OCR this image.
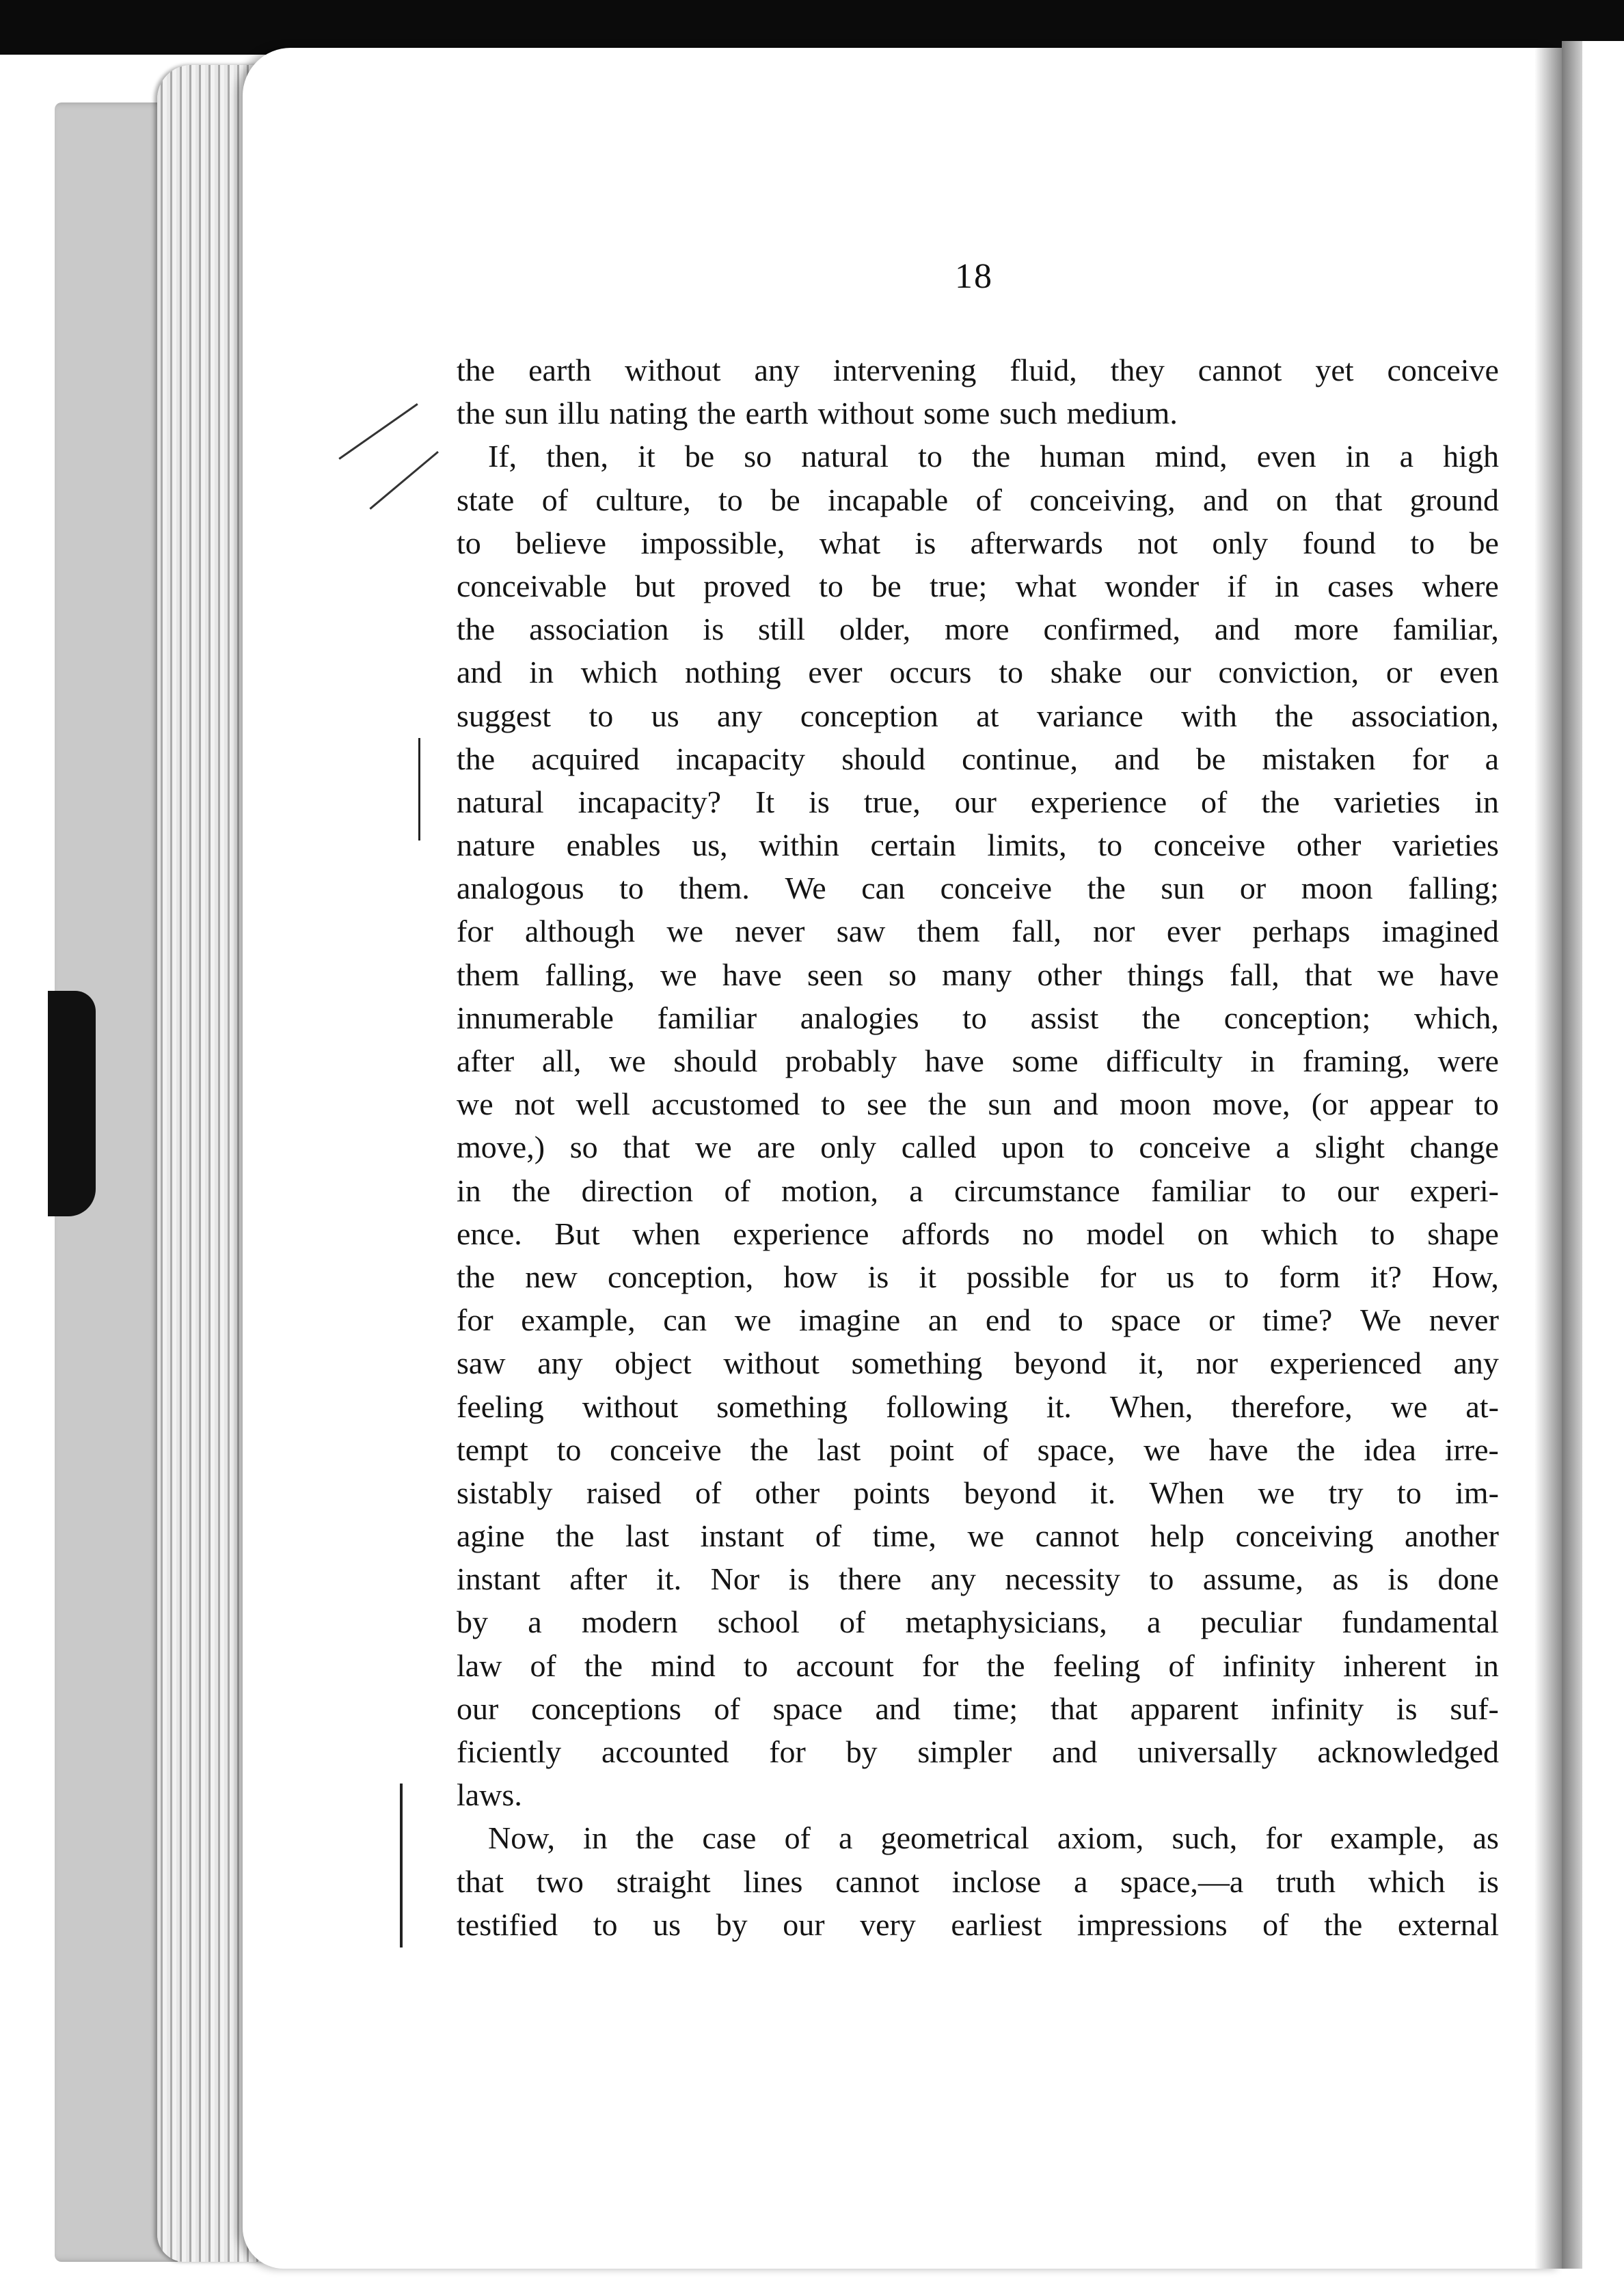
18
the earth without any intervening fluid, they cannot yet conceive
the sun illu nating the earth without some such medium.
If, then, it be so natural to the human mind, even in a high
state of culture, to be incapable of conceiving, and on that ground
to believe impossible, what is afterwards not only found to be
conceivable but proved to be true; what wonder if in cases where
the association is still older, more confirmed, and more familiar,
and in which nothing ever occurs to shake our conviction, or even
suggest to us any conception at variance with the association,
the acquired incapacity should continue, and be mistaken for a
natural incapacity? It is true, our experience of the varieties in
nature enables us, within certain limits, to conceive other varieties
analogous to them. We can conceive the sun or moon falling;
for although we never saw them fall, nor ever perhaps imagined
them falling, we have seen so many other things fall, that we have
innumerable familiar analogies to assist the conception; which,
after all, we should probably have some difficulty in framing, were
we not well accustomed to see the sun and moon move, (or appear to
move,) so that we are only called upon to conceive a slight change
in the direction of motion, a circumstance familiar to our experi-
ence. But when experience affords no model on which to shape
the new conception, how is it possible for us to form it? How,
for example, can we imagine an end to space or time? We never
saw any object without something beyond it, nor experienced any
feeling without something following it. When, therefore, we at-
tempt to conceive the last point of space, we have the idea irre-
sistably raised of other points beyond it. When we try to im-
agine the last instant of time, we cannot help conceiving another
instant after it. Nor is there any necessity to assume, as is done
by a modern school of metaphysicians, a peculiar fundamental
law of the mind to account for the feeling of infinity inherent in
our conceptions of space and time; that apparent infinity is suf-
ficiently accounted for by simpler and universally acknowledged
laws.
Now, in the case of a geometrical axiom, such, for example, as
that two straight lines cannot inclose a space,—a truth which is
testified to us by our very earliest impressions of the external
